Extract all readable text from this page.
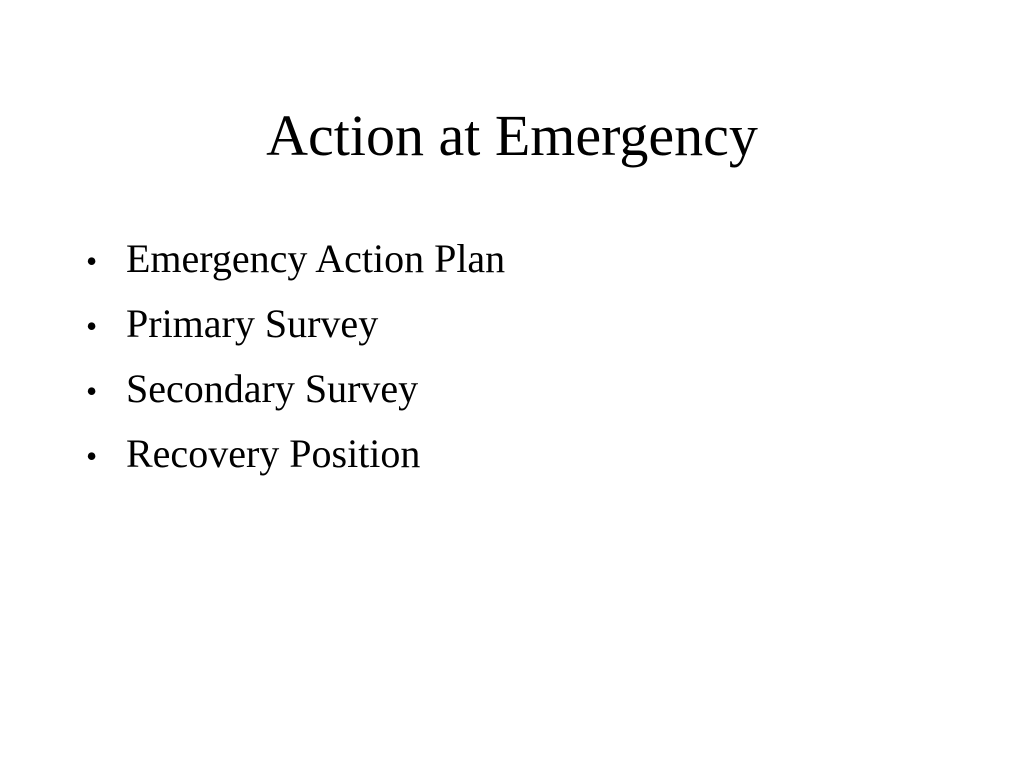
Action at Emergency
• Emergency Action Plan
• Primary Survey
• Secondary Survey
• Recovery Position
